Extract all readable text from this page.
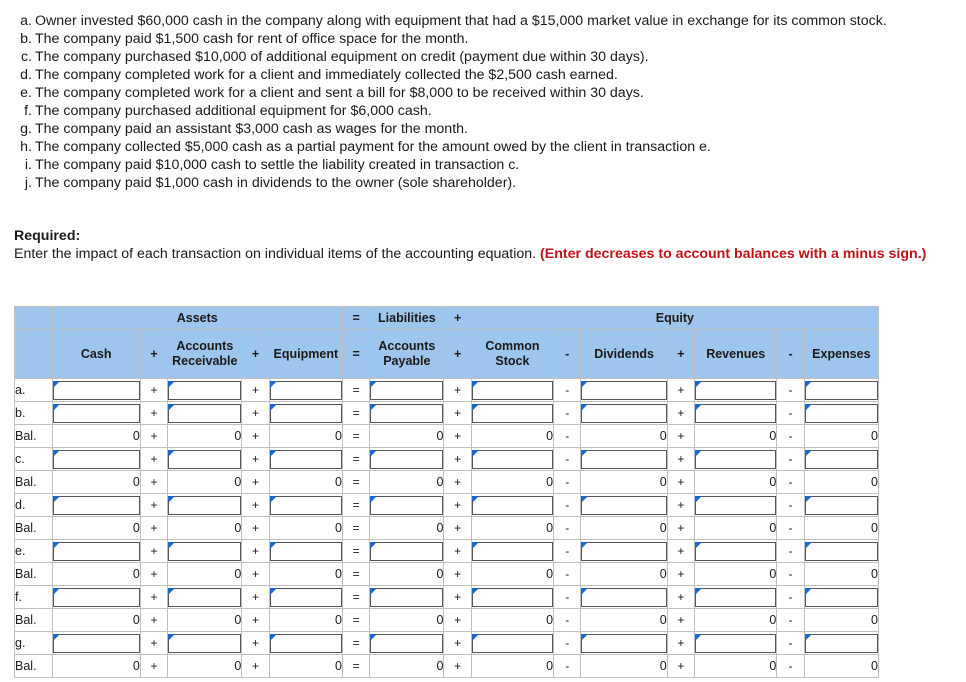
a. Owner invested $60,000 cash in the company along with equipment that had a $15,000 market value in exchange for its common stock.
b. The company paid $1,500 cash for rent of office space for the month.
c. The company purchased $10,000 of additional equipment on credit (payment due within 30 days).
d. The company completed work for a client and immediately collected the $2,500 cash earned.
e. The company completed work for a client and sent a bill for $8,000 to be received within 30 days.
f. The company purchased additional equipment for $6,000 cash.
g. The company paid an assistant $3,000 cash as wages for the month.
h. The company collected $5,000 cash as a partial payment for the amount owed by the client in transaction e.
i. The company paid $10,000 cash to settle the liability created in transaction c.
j. The company paid $1,000 cash in dividends to the owner (sole shareholder).
Required:
Enter the impact of each transaction on individual items of the accounting equation. (Enter decreases to account balances with a minus sign.)
	Assets					=	Liabilities	+	Equity						
	Cash	+	Accounts Receivable	+	Equipment	=	Accounts Payable	+	Common Stock	-	Dividends	+	Revenues	-	Expenses
a.		+		+		=		+		-		+		-	

b.		+		+		=		+		-		+		-	

Bal.	0	+	0	+	0	=	0	+	0	-	0	+	0	-	0
c.		+		+		=		+		-		+		-	

Bal.	0	+	0	+	0	=	0	+	0	-	0	+	0	-	0
d.		+		+		=		+		-		+		-	

Bal.	0	+	0	+	0	=	0	+	0	-	0	+	0	-	0
e.		+		+		=		+		-		+		-	

Bal.	0	+	0	+	0	=	0	+	0	-	0	+	0	-	0
f.		+		+		=		+		-		+		-	

Bal.	0	+	0	+	0	=	0	+	0	-	0	+	0	-	0
g.		+		+		=		+		-		+		-	

Bal.	0	+	0	+	0	=	0	+	0	-	0	+	0	-	0
